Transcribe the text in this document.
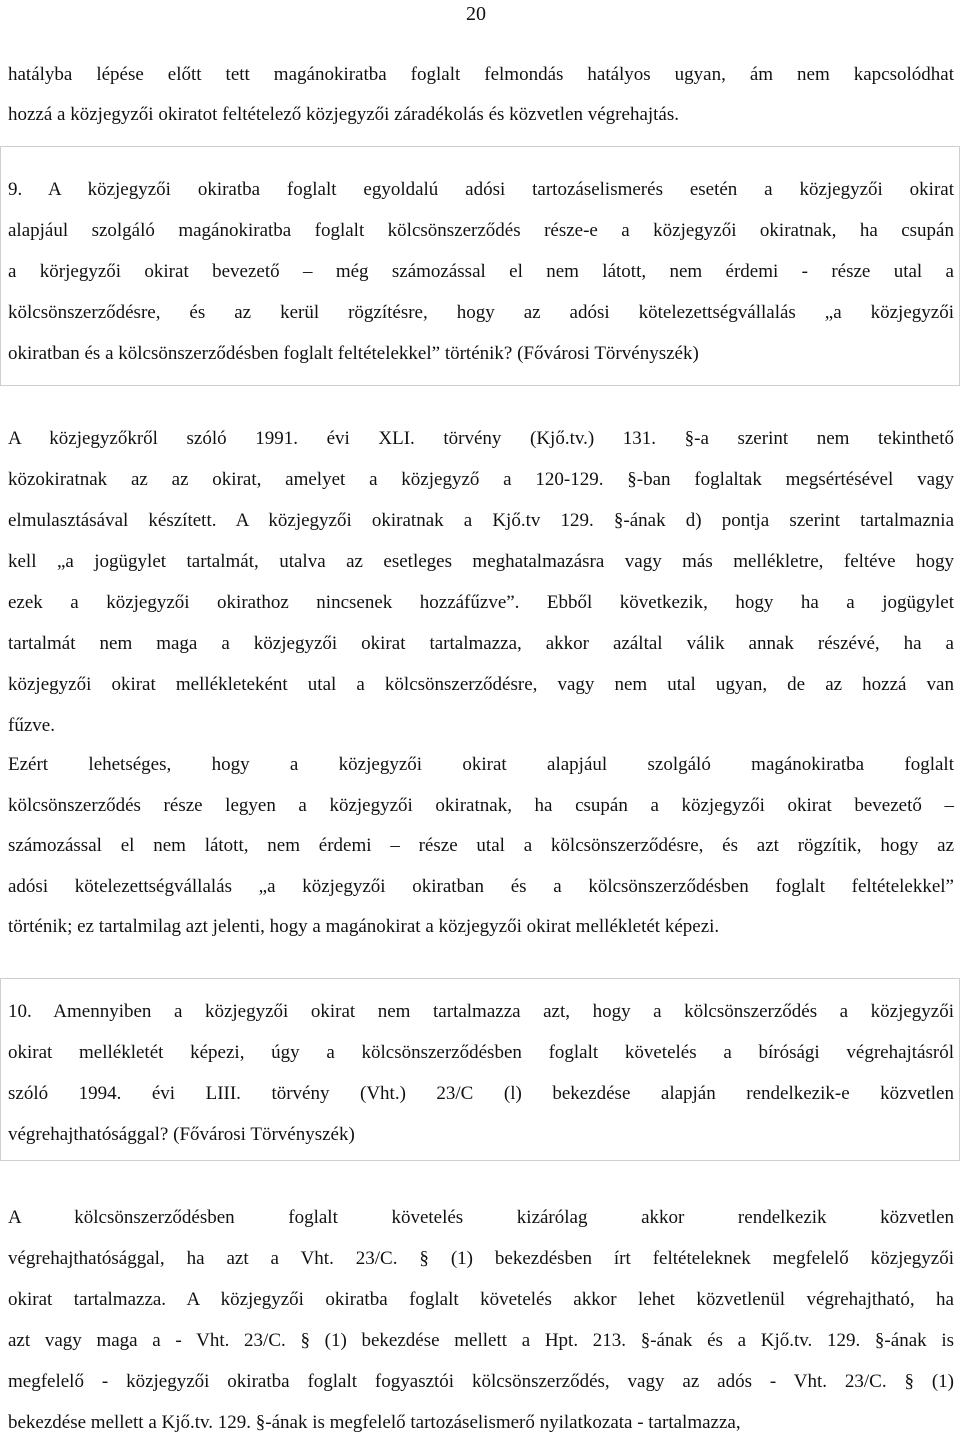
20
hatályba lépése előtt tett magánokiratba foglalt felmondás hatályos ugyan, ám nem kapcsolódhat
hozzá a közjegyzői okiratot feltételező közjegyzői záradékolás és közvetlen végrehajtás.
9. A közjegyzői okiratba foglalt egyoldalú adósi tartozáselismerés esetén a közjegyzői okirat
alapjául szolgáló magánokiratba foglalt kölcsönszerződés része-e a közjegyzői okiratnak, ha csupán
a körjegyzői okirat bevezető – még számozással el nem látott, nem érdemi - része utal a
kölcsönszerződésre, és az kerül rögzítésre, hogy az adósi kötelezettségvállalás „a közjegyzői
okiratban és a kölcsönszerződésben foglalt feltételekkel” történik? (Fővárosi Törvényszék)
A közjegyzőkről szóló 1991. évi XLI. törvény (Kjő.tv.) 131. §-a szerint nem tekinthető
közokiratnak az az okirat, amelyet a közjegyző a 120-129. §-ban foglaltak megsértésével vagy
elmulasztásával készített. A közjegyzői okiratnak a Kjő.tv 129. §-ának d) pontja szerint tartalmaznia
kell „a jogügylet tartalmát, utalva az esetleges meghatalmazásra vagy más mellékletre, feltéve hogy
ezek a közjegyzői okirathoz nincsenek hozzáfűzve”. Ebből következik, hogy ha a jogügylet
tartalmát nem maga a közjegyzői okirat tartalmazza, akkor azáltal válik annak részévé, ha a
közjegyzői okirat mellékleteként utal a kölcsönszerződésre, vagy nem utal ugyan, de az hozzá van
fűzve.
Ezért lehetséges, hogy a közjegyzői okirat alapjául szolgáló magánokiratba foglalt
kölcsönszerződés része legyen a közjegyzői okiratnak, ha csupán a közjegyzői okirat bevezető –
számozással el nem látott, nem érdemi – része utal a kölcsönszerződésre, és azt rögzítik, hogy az
adósi kötelezettségvállalás „a közjegyzői okiratban és a kölcsönszerződésben foglalt feltételekkel”
történik; ez tartalmilag azt jelenti, hogy a magánokirat a közjegyzői okirat mellékletét képezi.
10. Amennyiben a közjegyzői okirat nem tartalmazza azt, hogy a kölcsönszerződés a közjegyzői
okirat mellékletét képezi, úgy a kölcsönszerződésben foglalt követelés a bírósági végrehajtásról
szóló 1994. évi LIII. törvény (Vht.) 23/C (l) bekezdése alapján rendelkezik-e közvetlen
végrehajthatósággal? (Fővárosi Törvényszék)
A kölcsönszerződésben foglalt követelés kizárólag akkor rendelkezik közvetlen
végrehajthatósággal, ha azt a Vht. 23/C. § (1) bekezdésben írt feltételeknek megfelelő közjegyzői
okirat tartalmazza. A közjegyzői okiratba foglalt követelés akkor lehet közvetlenül végrehajtható, ha
azt vagy maga a - Vht. 23/C. § (1) bekezdése mellett a Hpt. 213. §-ának és a Kjő.tv. 129. §-ának is
megfelelő - közjegyzői okiratba foglalt fogyasztói kölcsönszerződés, vagy az adós - Vht. 23/C. § (1)
bekezdése mellett a Kjő.tv. 129. §-ának is megfelelő tartozáselismerő nyilatkozata - tartalmazza,
